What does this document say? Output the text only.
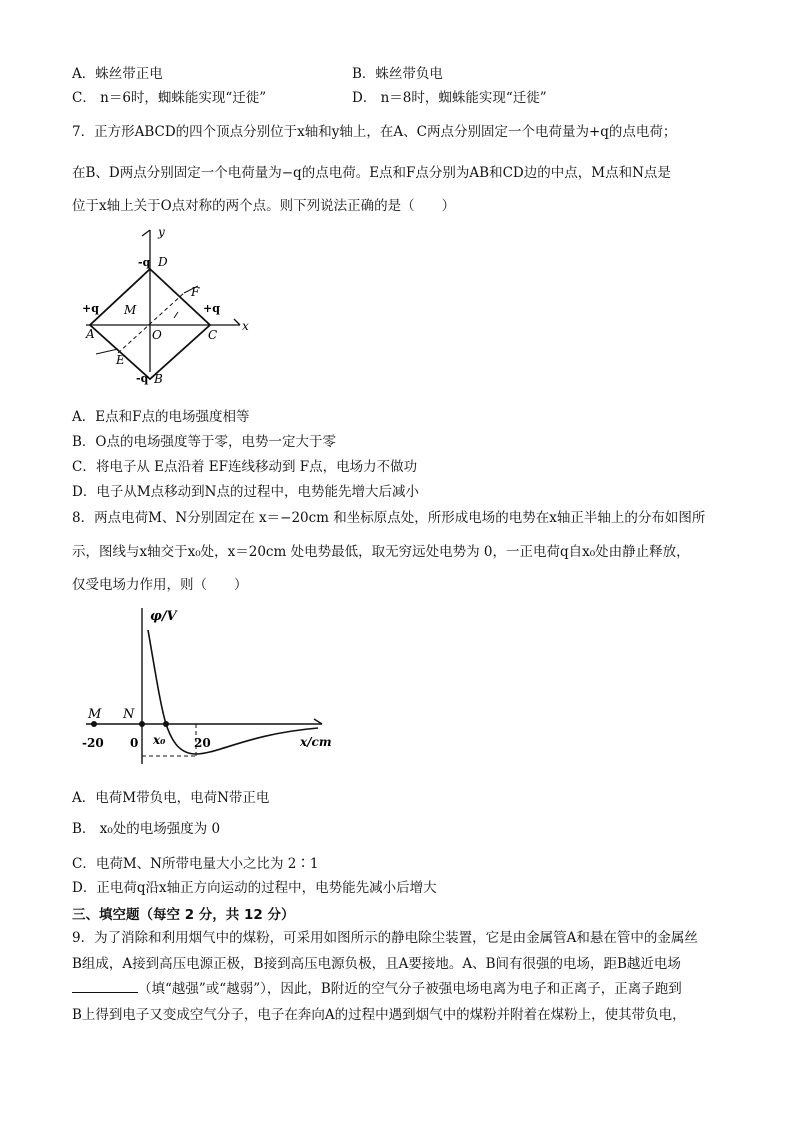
A．蛛丝带正电	B．蛛丝带负电
C． n＝6时，蜘蛛能实现“迁徙”	D． n＝8时，蜘蛛能实现“迁徙”
7．正方形ABCD的四个顶点分别位于x轴和y轴上，在A、C两点分别固定一个电荷量为+q的点电荷；
在B、D两点分别固定一个电荷量为−q的点电荷。E点和F点分别为AB和CD边的中点，M点和N点是
位于x轴上关于O点对称的两个点。则下列说法正确的是（　　）
y
x
-q D
+q
A
+q
C
-q B
M
O
F
E
A．E点和F点的电场强度相等
B．O点的电场强度等于零，电势一定大于零
C．将电子从 E点沿着 EF连线移动到 F点，电场力不做功
D．电子从M点移动到N点的过程中，电势能先增大后减小
8．两点电荷M、N分别固定在 x＝−20cm 和坐标原点处，所形成电场的电势在x轴正半轴上的分布如图所
示，图线与x轴交于x₀处，x＝20cm 处电势最低，取无穷远处电势为 0，一正电荷q自x₀处由静止释放，
仅受电场力作用，则（　　）
φ/V
x/cm
M N
-20 0 x₀ 20
A．电荷M带负电，电荷N带正电
B． x₀处的电场强度为 0
C．电荷M、N所带电量大小之比为 2∶1
D．正电荷q沿x轴正方向运动的过程中，电势能先减小后增大
三、填空题（每空 2 分，共 12 分）
9．为了消除和利用烟气中的煤粉，可采用如图所示的静电除尘装置，它是由金属管A和悬在管中的金属丝
B组成，A接到高压电源正极，B接到高压电源负极，且A要接地。A、B间有很强的电场，距B越近电场
（填“越强”或“越弱”），因此，B附近的空气分子被强电场电离为电子和正离子，正离子跑到
B上得到电子又变成空气分子，电子在奔向A的过程中遇到烟气中的煤粉并附着在煤粉上，使其带负电，
